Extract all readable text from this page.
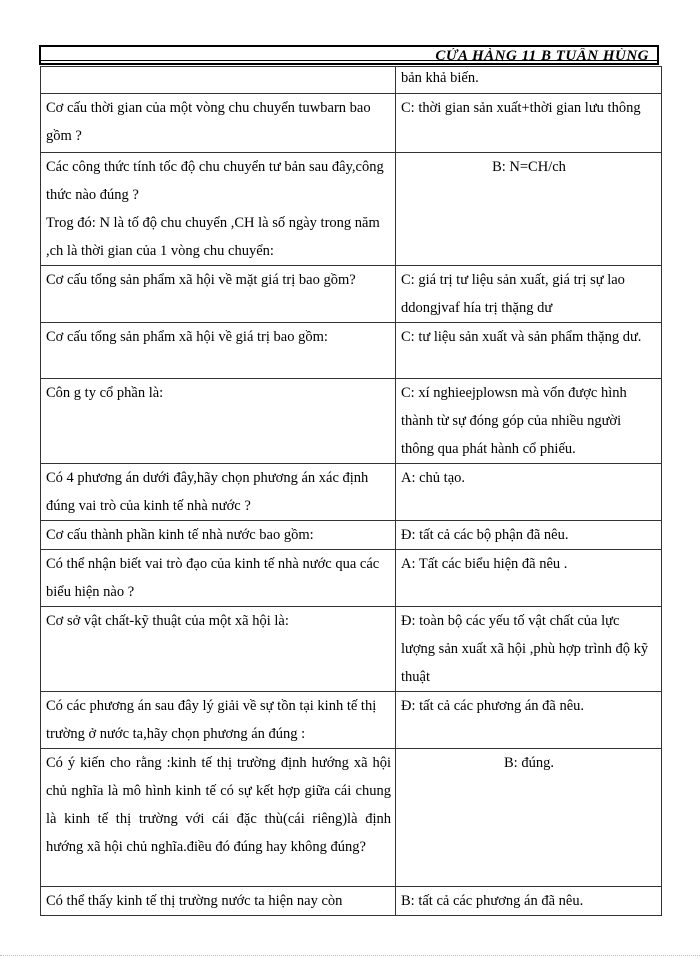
CỬA HÀNG 11 B TUẤN HÙNG
	bản khả biến.
Cơ cấu thời gian của một vòng chu chuyển tuwbarn bao gồm ?	C: thời gian sản xuất+thời gian lưu thông

Các công thức tính tốc độ chu chuyển tư bản sau đây,công thức nào đúng ?
Trog đó: N là tố độ chu chuyển ,CH là số ngày trong năm ,ch là thời gian của 1 vòng chu chuyển:	B: N=CH/ch
Cơ cấu tổng sản phẩm xã hội về mặt giá trị bao gồm?	C: giá trị tư liệu sản xuất, giá trị sự lao ddongjvaf hía trị thặng dư
Cơ cấu tổng sản phẩm xã hội về giá trị bao gồm:	C: tư liệu sản xuất và sản phẩm thặng dư.
Côn g ty cổ phần là:	C: xí nghieejplowsn mà vốn được hình thành từ sự đóng góp của nhiều người thông qua phát hành cổ phiếu.
Có 4 phương án dưới đây,hãy chọn phương án xác định đúng vai trò của kinh tế nhà nước ?	A: chủ tạo.
Cơ cấu thành phần kinh tế nhà nước bao gồm:	Đ: tất cả các bộ phận đã nêu.
Có thể nhận biết vai trò đạo của kinh tế nhà nước qua các biểu hiện nào ?	A: Tất các biểu hiện đã nêu .
Cơ sở vật chất-kỹ thuật của một xã hội là:	Đ: toàn bộ các yếu tố vật chất của lực lượng sản xuất xã hội ,phù hợp trình độ kỹ thuật
Có các phương án sau đây lý giải về sự tồn tại kinh tế thị trường ở nước ta,hãy chọn phương án đúng :	Đ: tất cả các phương án đã nêu.
Có ý kiến cho rằng :kinh tế thị trường định hướng xã hội chủ nghĩa là mô hình kinh tế có sự kết hợp giữa cái chung là kinh tế thị trường với cái đặc thù(cái riêng)là định hướng xã hội chủ nghĩa.điều đó đúng hay không đúng?	B: đúng.
Có thể thấy kinh tế thị trường nước ta hiện nay còn	B: tất cả các phương án đã nêu.
